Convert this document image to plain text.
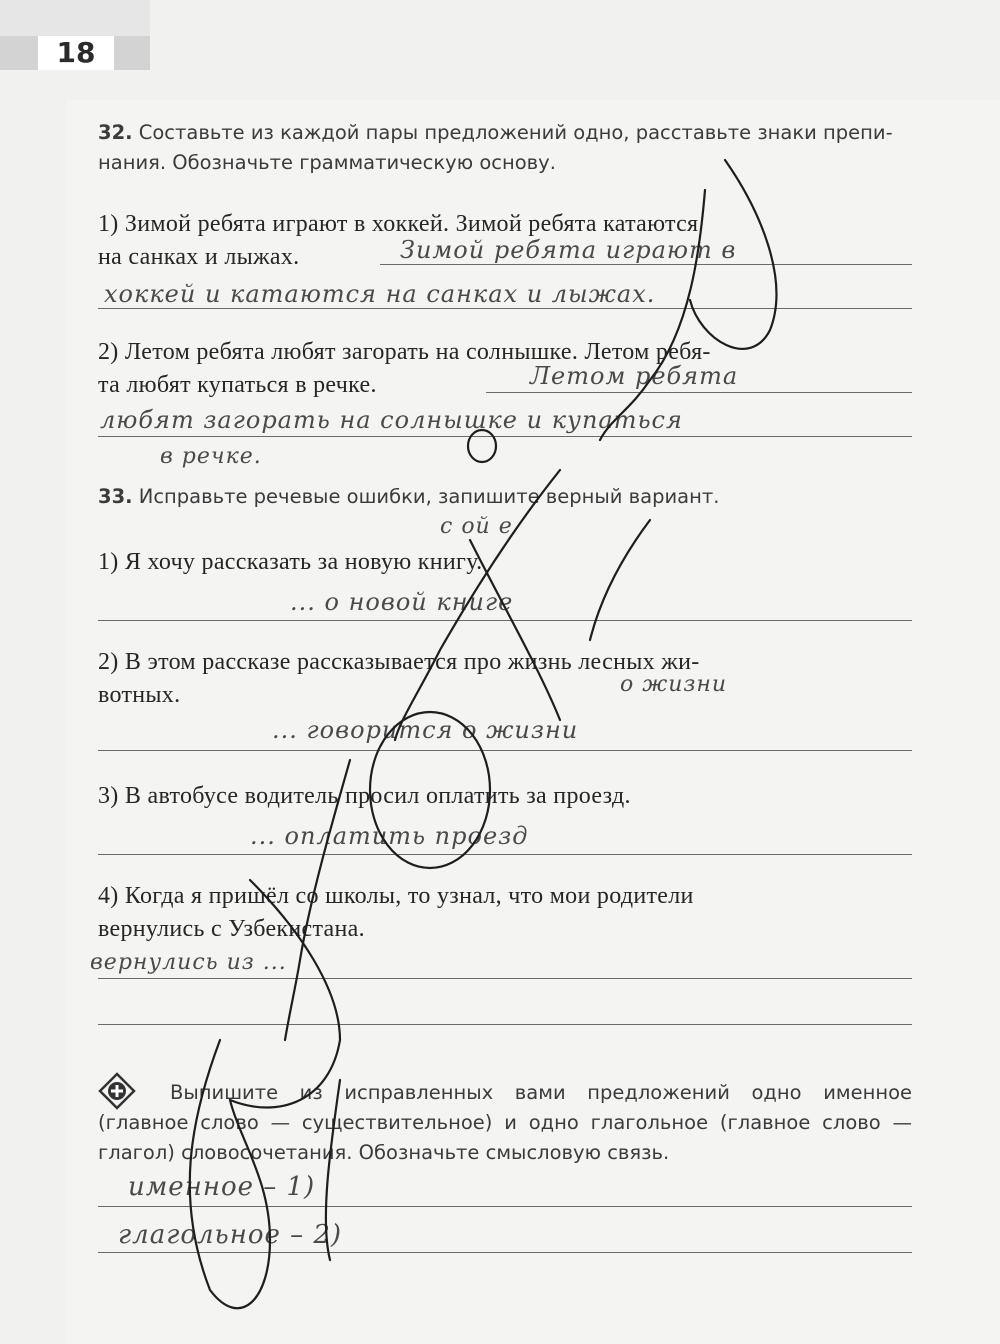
18
32. Составьте из каждой пары предложений одно, расставьте знаки препи-
нания. Обозначьте грамматическую основу.
1) Зимой ребята играют в хоккей. Зимой ребята катаются
на санках и лыжах.	Зимой ребята играют в
хоккей и катаются на санках и лыжах.
2) Летом ребята любят загорать на солнышке. Летом ребя-
та любят купаться в речке.	Летом ребята
любят загорать на солнышке и купаться
в речке.
33. Исправьте речевые ошибки, запишите верный вариант.
1) Я хочу рассказать за новую книгу.
с ой е
... о новой книге
2) В этом рассказе рассказывается про жизнь лесных жи-
вотных.	о жизни
... говорится о жизни
3) В автобусе водитель просил оплатить за проезд.
... оплатить проезд
4) Когда я пришёл со школы, то узнал, что мои родители
вернулись с Узбекистана.
вернулись из ...
Выпишите из исправленных вами предложений одно именное (главное слово — существительное) и одно глагольное (главное слово — глагол) словосочетания. Обозначьте смысловую связь.
именное – 1)
глагольное – 2)
